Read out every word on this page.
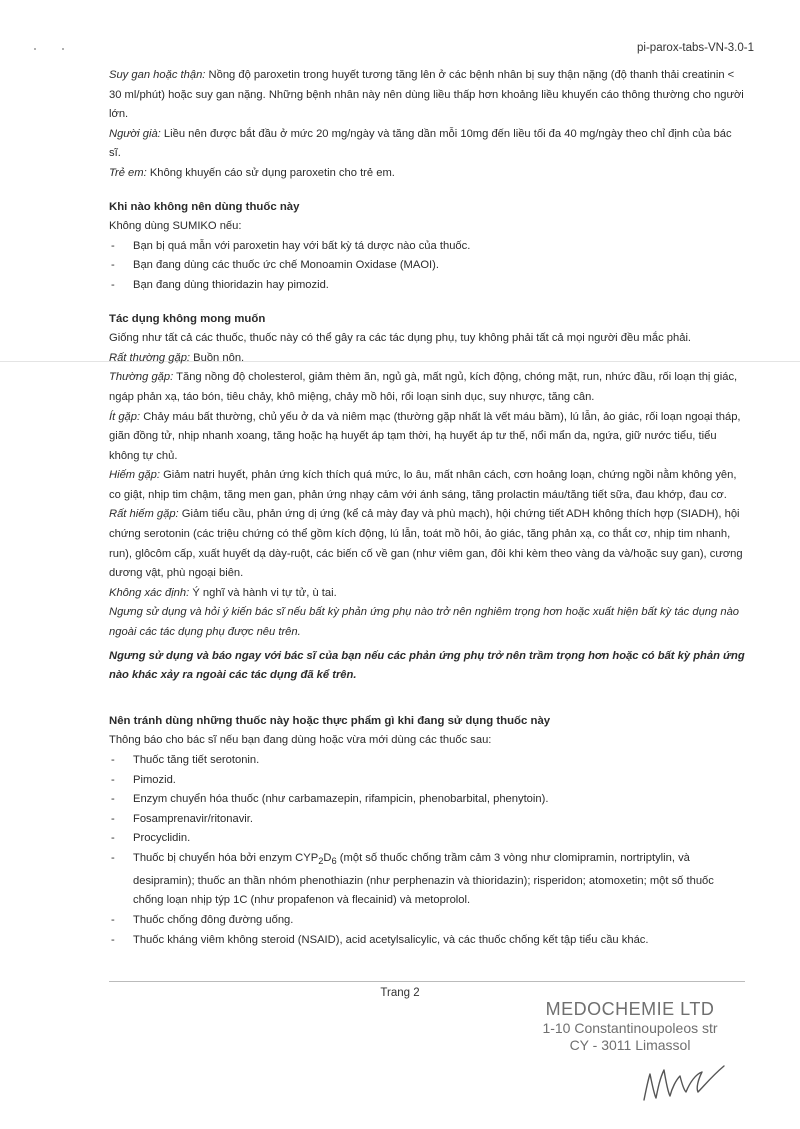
pi-parox-tabs-VN-3.0-1

Suy gan hoặc thận: Nồng độ paroxetin trong huyết tương tăng lên ở các bệnh nhân bị suy thận nặng (độ thanh thải creatinin < 30 ml/phút) hoặc suy gan nặng. Những bệnh nhân này nên dùng liều thấp hơn khoảng liều khuyến cáo thông thường cho người lớn.

Người già: Liều nên được bắt đầu ở mức 20 mg/ngày và tăng dần mỗi 10mg đến liều tối đa 40 mg/ngày theo chỉ định của bác sĩ.

Trẻ em: Không khuyến cáo sử dụng paroxetin cho trẻ em.

Khi nào không nên dùng thuốc này

Không dùng SUMIKO nếu:

- Bạn bị quá mẫn với paroxetin hay với bất kỳ tá dược nào của thuốc.
- Bạn đang dùng các thuốc ức chế Monoamin Oxidase (MAOI).
- Bạn đang dùng thioridazin hay pimozid.

Tác dụng không mong muốn

Giống như tất cả các thuốc, thuốc này có thể gây ra các tác dụng phụ, tuy không phải tất cả mọi người đều mắc phải.

Rất thường gặp: Buồn nôn.

Thường gặp: Tăng nồng độ cholesterol, giảm thèm ăn, ngủ gà, mất ngủ, kích động, chóng mặt, run, nhức đầu, rối loạn thị giác, ngáp phản xạ, táo bón, tiêu chảy, khô miệng, chảy mồ hôi, rối loạn sinh dục, suy nhược, tăng cân.

Ít gặp: Chảy máu bất thường, chủ yếu ở da và niêm mạc (thường gặp nhất là vết máu bầm), lú lẫn, ảo giác, rối loạn ngoại tháp, giãn đồng tử, nhịp nhanh xoang, tăng hoặc hạ huyết áp tạm thời, hạ huyết áp tư thế, nổi mẩn da, ngứa, giữ nước tiểu, tiểu không tự chủ.

Hiếm gặp: Giảm natri huyết, phản ứng kích thích quá mức, lo âu, mất nhân cách, cơn hoảng loạn, chứng ngồi nằm không yên, co giật, nhịp tim chậm, tăng men gan, phản ứng nhạy cảm với ánh sáng, tăng prolactin máu/tăng tiết sữa, đau khớp, đau cơ.

Rất hiếm gặp: Giảm tiểu cầu, phản ứng dị ứng (kể cả mày đay và phù mạch), hội chứng tiết ADH không thích hợp (SIADH), hội chứng serotonin (các triệu chứng có thể gồm kích động, lú lẫn, toát mồ hôi, ảo giác, tăng phản xạ, co thắt cơ, nhịp tim nhanh, run), glôcôm cấp, xuất huyết dạ dày-ruột, các biến cố về gan (như viêm gan, đôi khi kèm theo vàng da và/hoặc suy gan), cương dương vật, phù ngoại biên.

Không xác định: Ý nghĩ và hành vi tự tử, ù tai.

Ngưng sử dụng và hỏi ý kiến bác sĩ nếu bất kỳ phản ứng phụ nào trở nên nghiêm trọng hơn hoặc xuất hiện bất kỳ tác dụng nào ngoài các tác dụng phụ được nêu trên.

Ngưng sử dụng và báo ngay với bác sĩ của bạn nếu các phản ứng phụ trở nên trầm trọng hơn hoặc có bất kỳ phản ứng nào khác xảy ra ngoài các tác dụng đã kể trên.

Nên tránh dùng những thuốc này hoặc thực phẩm gì khi đang sử dụng thuốc này

Thông báo cho bác sĩ nếu bạn đang dùng hoặc vừa mới dùng các thuốc sau:

- Thuốc tăng tiết serotonin.
- Pimozid.
- Enzym chuyển hóa thuốc (như carbamazepin, rifampicin, phenobarbital, phenytoin).
- Fosamprenavir/ritonavir.
- Procyclidin.
- Thuốc bị chuyển hóa bởi enzym $CYP_2D_6$ (một số thuốc chống trầm cảm 3 vòng như clomipramin, nortriptylin, và desipramin); thuốc an thần nhóm phenothiazin (như perphenazin và thioridazin); risperidon; atomoxetin; một số thuốc chống loạn nhịp týp 1C (như propafenon và flecainid) và metoprolol.
- Thuốc chống đông đường uống.
- Thuốc kháng viêm không steroid (NSAID), acid acetylsalicylic, và các thuốc chống kết tập tiểu cầu khác.
Trang 2
MEDOCHEMIE LTD
1-10 Constantinoupoleos str
CY - 3011 Limassol
